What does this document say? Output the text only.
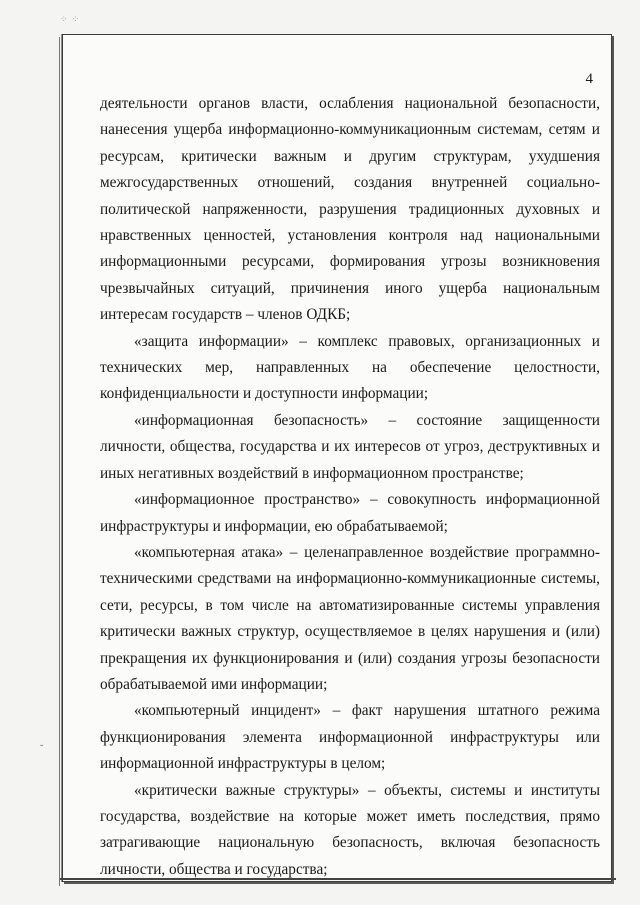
⁘ ⁘
˘
4

деятельности органов власти, ослабления национальной безопасности, нанесения ущерба информационно-коммуникационным системам, сетям и ресурсам, критически важным и другим структурам, ухудшения межгосударственных отношений, создания внутренней социально-политической напряженности, разрушения традиционных духовных и нравственных ценностей, установления контроля над национальными информационными ресурсами, формирования угрозы возникновения чрезвычайных ситуаций, причинения иного ущерба национальным интересам государств – членов ОДКБ;

«защита информации» – комплекс правовых, организационных и технических мер, направленных на обеспечение целостности, конфиденциальности и доступности информации;

«информационная безопасность» – состояние защищенности личности, общества, государства и их интересов от угроз, деструктивных и иных негативных воздействий в информационном пространстве;

«информационное пространство» – совокупность информационной инфраструктуры и информации, ею обрабатываемой;

«компьютерная атака» – целенаправленное воздействие программно-техническими средствами на информационно-коммуникационные системы, сети, ресурсы, в том числе на автоматизированные системы управления критически важных структур, осуществляемое в целях нарушения и (или) прекращения их функционирования и (или) создания угрозы безопасности обрабатываемой ими информации;

«компьютерный инцидент» – факт нарушения штатного режима функционирования элемента информационной инфраструктуры или информационной инфраструктуры в целом;

«критически важные структуры» – объекты, системы и институты государства, воздействие на которые может иметь последствия, прямо затрагивающие национальную безопасность, включая безопасность личности, общества и государства;
